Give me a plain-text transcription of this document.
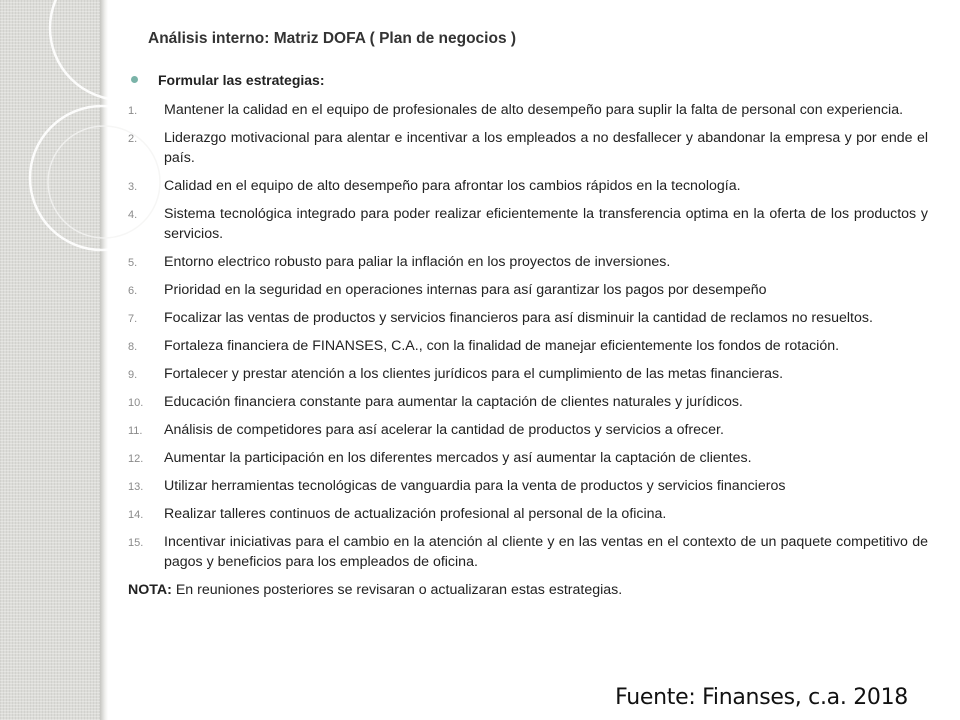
Análisis interno: Matriz DOFA ( Plan de negocios )
Formular las estrategias:
1.	Mantener la calidad en el equipo de profesionales de alto desempeño para suplir la falta de personal con experiencia.
2.	Liderazgo motivacional para alentar e incentivar a los empleados a no desfallecer y abandonar la empresa y por ende el país.
3.	Calidad en el equipo de alto desempeño para afrontar los cambios rápidos en la tecnología.
4.	Sistema tecnológica integrado para poder realizar eficientemente la transferencia optima en la oferta de los productos y servicios.
5.	Entorno electrico robusto para paliar la inflación en los proyectos de inversiones.
6.	Prioridad en la seguridad en operaciones internas para así garantizar los pagos por desempeño
7.	Focalizar las ventas de productos y servicios financieros para así disminuir la cantidad de reclamos no resueltos.
8.	Fortaleza financiera de FINANSES, C.A., con la finalidad de manejar eficientemente los fondos de rotación.
9.	Fortalecer y prestar atención a los clientes jurídicos para el cumplimiento de las metas financieras.
10.	Educación financiera constante para aumentar la captación de clientes naturales y jurídicos.
11.	Análisis de competidores para así acelerar la cantidad de productos y servicios a ofrecer.
12.	Aumentar la participación en los diferentes mercados y así aumentar la captación de clientes.
13.	Utilizar herramientas tecnológicas de vanguardia para la venta de productos y servicios financieros
14.	Realizar talleres continuos de actualización profesional al personal de la oficina.
15.	Incentivar iniciativas para el cambio en la atención al cliente y en las ventas en el contexto de un paquete competitivo de pagos y beneficios para los empleados de oficina.
NOTA: En reuniones posteriores se revisaran o actualizaran estas estrategias.
Fuente: Finanses, c.a. 2018
